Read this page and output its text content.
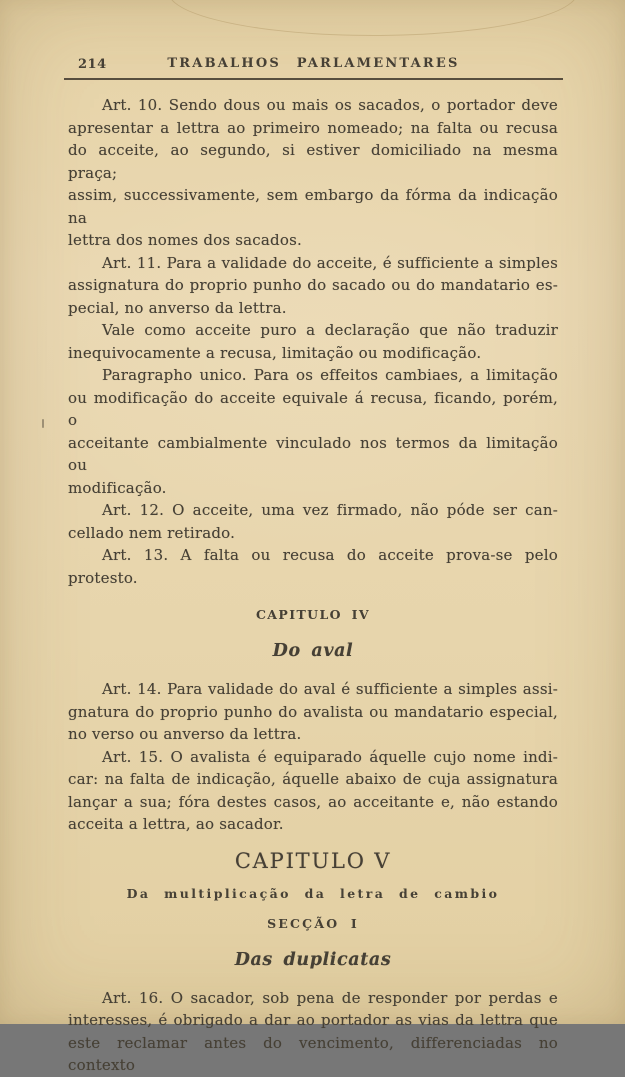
214	TRABALHOS PARLAMENTARES

Art. 10. Sendo dous ou mais os sacados, o portador deve
apresentar a lettra ao primeiro nomeado; na falta ou recusa
do acceite, ao segundo, si estiver domiciliado na mesma praça;
assim, successivamente, sem embargo da fórma da indicação na
lettra dos nomes dos sacados.

Art. 11. Para a validade do acceite, é sufficiente a simples
assignatura do proprio punho do sacado ou do mandatario es-
pecial, no anverso da lettra.

Vale como acceite puro a declaração que não traduzir
inequivocamente a recusa, limitação ou modificação.

Paragrapho unico. Para os effeitos cambiaes, a limitação
ou modificação do acceite equivale á recusa, ficando, porém, o
acceitante cambialmente vinculado nos termos da limitação ou
modificação.

Art. 12. O acceite, uma vez firmado, não póde ser can-
cellado nem retirado.

Art. 13. A falta ou recusa do acceite prova-se pelo
protesto.

CAPITULO IV
Do aval

Art. 14. Para validade do aval é sufficiente a simples assi-
gnatura do proprio punho do avalista ou mandatario especial,
no verso ou anverso da lettra.

Art. 15. O avalista é equiparado áquelle cujo nome indi-
car: na falta de indicação, áquelle abaixo de cuja assignatura
lançar a sua; fóra destes casos, ao acceitante e, não estando
acceita a lettra, ao sacador.

CAPITULO V
Da multiplicação da letra de cambio
SECÇÃO I
Das duplicatas

Art. 16. O sacador, sob pena de responder por perdas e
interesses, é obrigado a dar ao portador as vias da lettra que
este reclamar antes do vencimento, differenciadas no contexto
